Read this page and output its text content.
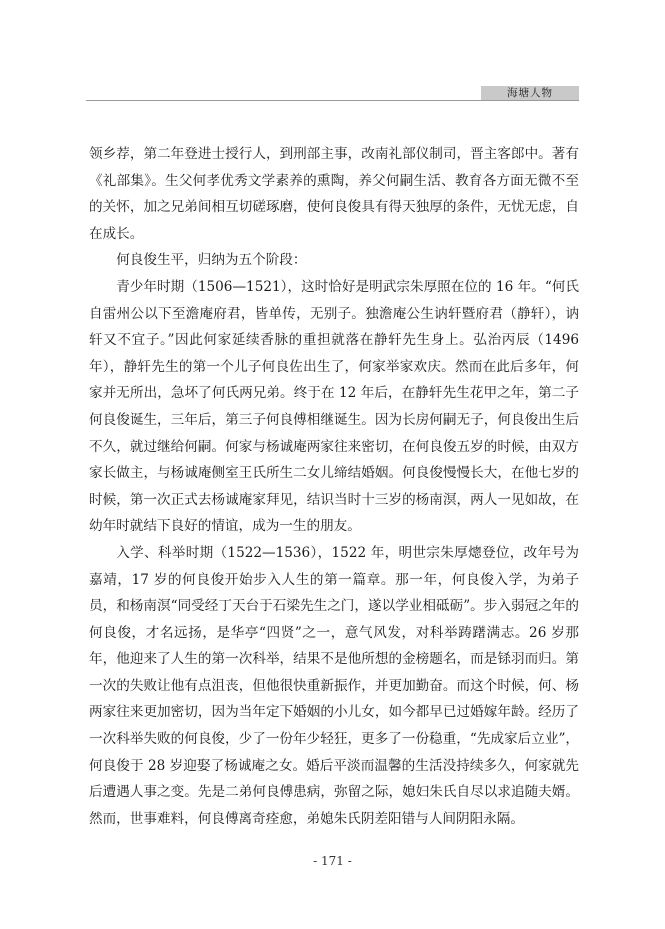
海塘人物

领乡荐，第二年登进士授行人，到刑部主事，改南礼部仪制司，晋主客郎中。著有《礼部集》。生父何孝优秀文学素养的熏陶，养父何嗣生活、教育各方面无微不至的关怀，加之兄弟间相互切磋琢磨，使何良俊具有得天独厚的条件，无忧无虑，自在成长。

何良俊生平，归纳为五个阶段：

青少年时期（1506—1521），这时恰好是明武宗朱厚照在位的 16 年。“何氏自雷州公以下至澹庵府君，皆单传，无别子。独澹庵公生讷轩暨府君（静轩），讷轩又不宜子。”因此何家延续香脉的重担就落在静轩先生身上。弘治丙辰（1496 年），静轩先生的第一个儿子何良佐出生了，何家举家欢庆。然而在此后多年，何家并无所出，急坏了何氏两兄弟。终于在 12 年后，在静轩先生花甲之年，第二子何良俊诞生，三年后，第三子何良傅相继诞生。因为长房何嗣无子，何良俊出生后不久，就过继给何嗣。何家与杨诚庵两家往来密切，在何良俊五岁的时候，由双方家长做主，与杨诚庵侧室王氏所生二女儿缔结婚姻。何良俊慢慢长大，在他七岁的时候，第一次正式去杨诚庵家拜见，结识当时十三岁的杨南溟，两人一见如故，在幼年时就结下良好的情谊，成为一生的朋友。

入学、科举时期（1522—1536），1522 年，明世宗朱厚熜登位，改年号为嘉靖，17 岁的何良俊开始步入人生的第一篇章。那一年，何良俊入学，为弟子员，和杨南溟“同受经丁天台于石梁先生之门，遂以学业相砥砺”。步入弱冠之年的何良俊，才名远扬，是华亭“四贤”之一，意气风发，对科举踌躇满志。26 岁那年，他迎来了人生的第一次科举，结果不是他所想的金榜题名，而是铩羽而归。第一次的失败让他有点沮丧，但他很快重新振作，并更加勤奋。而这个时候，何、杨两家往来更加密切，因为当年定下婚姻的小儿女，如今都早已过婚嫁年龄。经历了一次科举失败的何良俊，少了一份年少轻狂，更多了一份稳重，“先成家后立业”，何良俊于 28 岁迎娶了杨诚庵之女。婚后平淡而温馨的生活没持续多久，何家就先后遭遇人事之变。先是二弟何良傅患病，弥留之际，媳妇朱氏自尽以求追随夫婿。然而，世事难料，何良傅离奇痊愈，弟媳朱氏阴差阳错与人间阴阳永隔。

- 171 -
